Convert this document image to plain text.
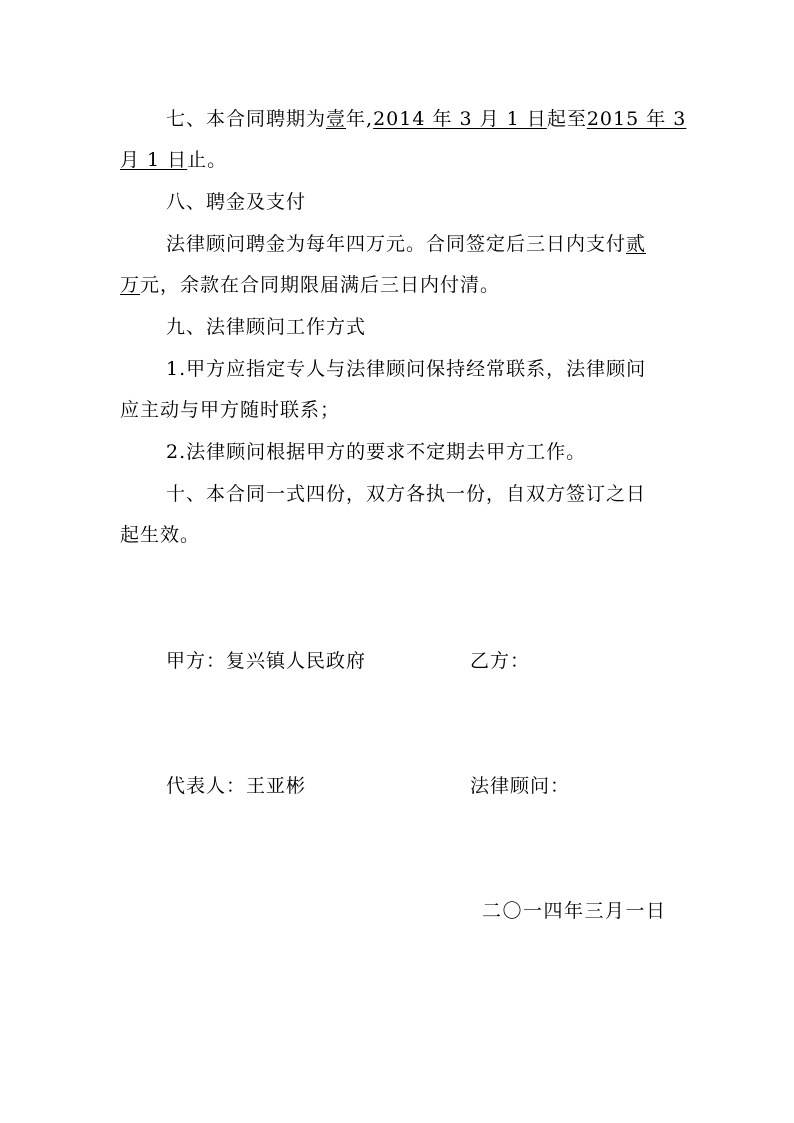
七、本合同聘期为壹年,2014 年 3 月 1 日起至2015 年 3
月 1 日止。
八、聘金及支付
法律顾问聘金为每年四万元。合同签定后三日内支付贰
万元，余款在合同期限届满后三日内付清。
九、法律顾问工作方式
1.甲方应指定专人与法律顾问保持经常联系，法律顾问
应主动与甲方随时联系；
2.法律顾问根据甲方的要求不定期去甲方工作。
十、本合同一式四份，双方各执一份，自双方签订之日
起生效。
甲方：复兴镇人民政府	乙方：
代表人：王亚彬	法律顾问：
二〇一四年三月一日
